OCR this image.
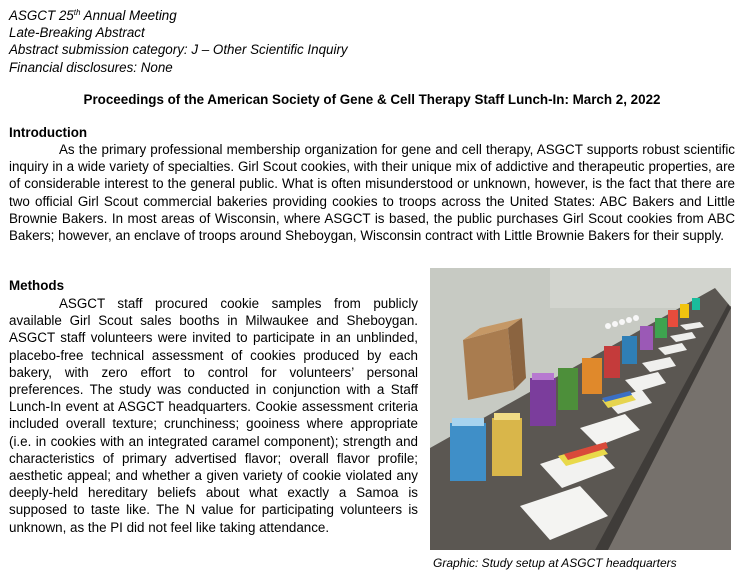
ASGCT 25th Annual Meeting
Late-Breaking Abstract
Abstract submission category: J – Other Scientific Inquiry
Financial disclosures: None
Proceedings of the American Society of Gene & Cell Therapy Staff Lunch-In: March 2, 2022
Introduction

As the primary professional membership organization for gene and cell therapy, ASGCT supports robust scientific inquiry in a wide variety of specialties. Girl Scout cookies, with their unique mix of addictive and therapeutic properties, are of considerable interest to the general public. What is often misunderstood or unknown, however, is the fact that there are two official Girl Scout commercial bakeries providing cookies to troops across the United States: ABC Bakers and Little Brownie Bakers. In most areas of Wisconsin, where ASGCT is based, the public purchases Girl Scout cookies from ABC Bakers; however, an enclave of troops around Sheboygan, Wisconsin contract with Little Brownie Bakers for their supply.

Methods

ASGCT staff procured cookie samples from publicly available Girl Scout sales booths in Milwaukee and Sheboygan. ASGCT staff volunteers were invited to participate in an unblinded, placebo-free technical assessment of cookies produced by each bakery, with zero effort to control for volunteers’ personal preferences. The study was conducted in conjunction with a Staff Lunch-In event at ASGCT headquarters. Cookie assessment criteria included overall texture; crunchiness; gooiness where appropriate (i.e. in cookies with an integrated caramel component); strength and characteristics of primary advertised flavor; overall flavor profile; aesthetic appeal; and whether a given variety of cookie violated any deeply-held hereditary beliefs about what exactly a Samoa is supposed to taste like. The N value for participating volunteers is unknown, as the PI did not feel like taking attendance.

Graphic: Study setup at ASGCT headquarters
